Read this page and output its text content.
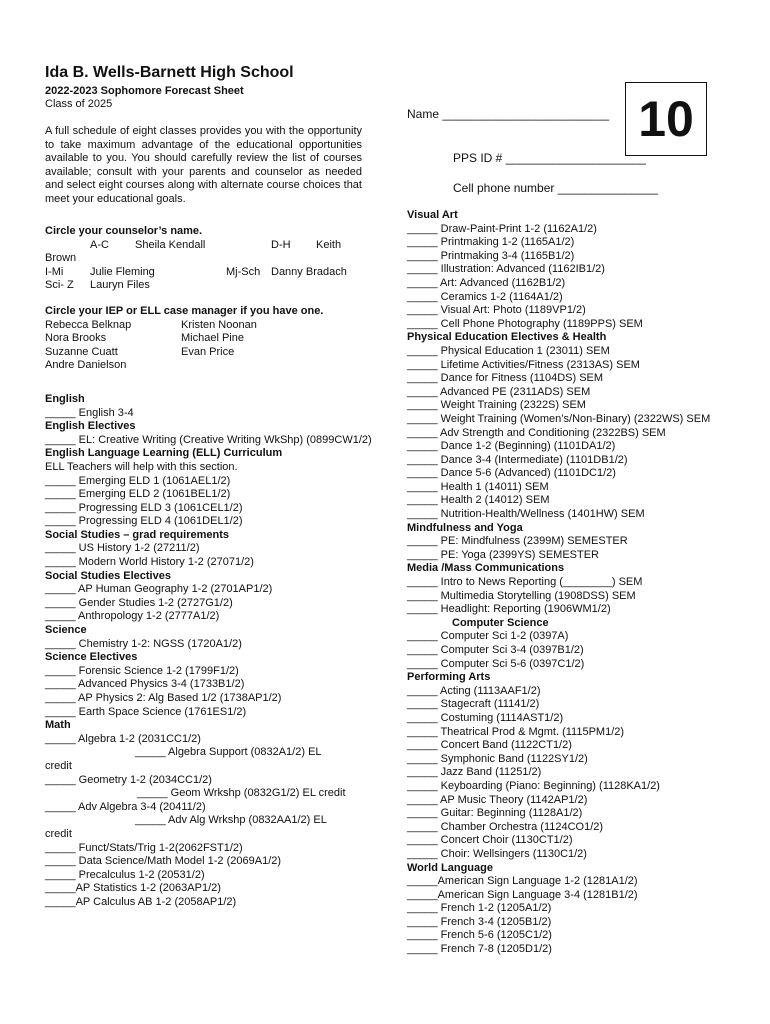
Ida B. Wells-Barnett High School
2022-2023 Sophomore Forecast Sheet
Class of 2025
A full schedule of eight classes provides you with the opportunity to take maximum advantage of the educational opportunities available to you. You should carefully review the list of courses available; consult with your parents and counselor as needed and select eight courses along with alternate course choices that meet your educational goals.
Name _________________________ 10
PPS ID # _____________________
Cell phone number _______________
Circle your counselor’s name.
A-C Sheila Kendall	D-H Keith
Brown
I-Mi Julie Fleming	Mj-Sch Danny Bradach
Sci- Z Lauryn Files
Circle your IEP or ELL case manager if you have one.
Rebecca Belknap	Kristen Noonan
Nora Brooks	Michael Pine
Suzanne Cuatt	Evan Price
Andre Danielson
English
_____ English 3-4
English Electives
_____ EL: Creative Writing (Creative Writing WkShp) (0899CW1/2)
English Language Learning (ELL) Curriculum
ELL Teachers will help with this section.
_____ Emerging ELD 1 (1061AEL1/2)
_____ Emerging ELD 2 (1061BEL1/2)
_____ Progressing ELD 3 (1061CEL1/2)
_____ Progressing ELD 4 (1061DEL1/2)
Social Studies – grad requirements
_____ US History 1-2 (27211/2)
_____ Modern World History 1-2 (27071/2)
Social Studies Electives
_____ AP Human Geography 1-2 (2701AP1/2)
_____ Gender Studies 1-2 (2727G1/2)
_____ Anthropology 1-2 (2777A1/2)
Science
_____ Chemistry 1-2: NGSS (1720A1/2)
Science Electives
_____ Forensic Science 1-2 (1799F1/2)
_____ Advanced Physics 3-4 (1733B1/2)
_____ AP Physics 2: Alg Based 1/2 (1738AP1/2)
_____ Earth Space Science (1761ES1/2)
Math
_____ Algebra 1-2 (2031CC1/2)
_____ Algebra Support (0832A1/2) EL
credit
_____ Geometry 1-2 (2034CC1/2)
_____ Geom Wrkshp (0832G1/2) EL credit
_____ Adv Algebra 3-4 (20411/2)
_____ Adv Alg Wrkshp (0832AA1/2) EL
credit
_____ Funct/Stats/Trig 1-2(2062FST1/2)
_____ Data Science/Math Model 1-2 (2069A1/2)
_____ Precalculus 1-2 (20531/2)
_____AP Statistics 1-2 (2063AP1/2)
_____AP Calculus AB 1-2 (2058AP1/2)
Visual Art
_____ Draw-Paint-Print 1-2 (1162A1/2)
_____ Printmaking 1-2 (1165A1/2)
_____ Printmaking 3-4 (1165B1/2)
_____ Illustration: Advanced (1162IB1/2)
_____ Art: Advanced (1162B1/2)
_____ Ceramics 1-2 (1164A1/2)
_____ Visual Art: Photo (1189VP1/2)
_____ Cell Phone Photography (1189PPS) SEM
Physical Education Electives & Health
_____ Physical Education 1 (23011) SEM
_____ Lifetime Activities/Fitness (2313AS) SEM
_____ Dance for Fitness (1104DS) SEM
_____ Advanced PE (2311ADS) SEM
_____ Weight Training (2322S) SEM
_____ Weight Training (Women’s/Non-Binary) (2322WS) SEM
_____ Adv Strength and Conditioning (2322BS) SEM
_____ Dance 1-2 (Beginning) (1101DA1/2)
_____ Dance 3-4 (Intermediate) (1101DB1/2)
_____ Dance 5-6 (Advanced) (1101DC1/2)
_____ Health 1 (14011) SEM
_____ Health 2 (14012) SEM
_____ Nutrition-Health/Wellness (1401HW) SEM
Mindfulness and Yoga
_____ PE: Mindfulness (2399M) SEMESTER
_____ PE: Yoga (2399YS) SEMESTER
Media /Mass Communications
_____ Intro to News Reporting (________) SEM
_____ Multimedia Storytelling (1908DSS) SEM
_____ Headlight: Reporting (1906WM1/2)
Computer Science
_____ Computer Sci 1-2 (0397A)
_____ Computer Sci 3-4 (0397B1/2)
_____ Computer Sci 5-6 (0397C1/2)
Performing Arts
_____ Acting (1113AAF1/2)
_____ Stagecraft (11141/2)
_____ Costuming (1114AST1/2)
_____ Theatrical Prod & Mgmt. (1115PM1/2)
_____ Concert Band (1122CT1/2)
_____ Symphonic Band (1122SY1/2)
_____ Jazz Band (11251/2)
_____ Keyboarding (Piano: Beginning) (1128KA1/2)
_____ AP Music Theory (1142AP1/2)
_____ Guitar: Beginning (1128A1/2)
_____ Chamber Orchestra (1124CO1/2)
_____ Concert Choir (1130CT1/2)
_____ Choir: Wellsingers (1130C1/2)
World Language
_____American Sign Language 1-2 (1281A1/2)
_____American Sign Language 3-4 (1281B1/2)
_____ French 1-2 (1205A1/2)
_____ French 3-4 (1205B1/2)
_____ French 5-6 (1205C1/2)
_____ French 7-8 (1205D1/2)
